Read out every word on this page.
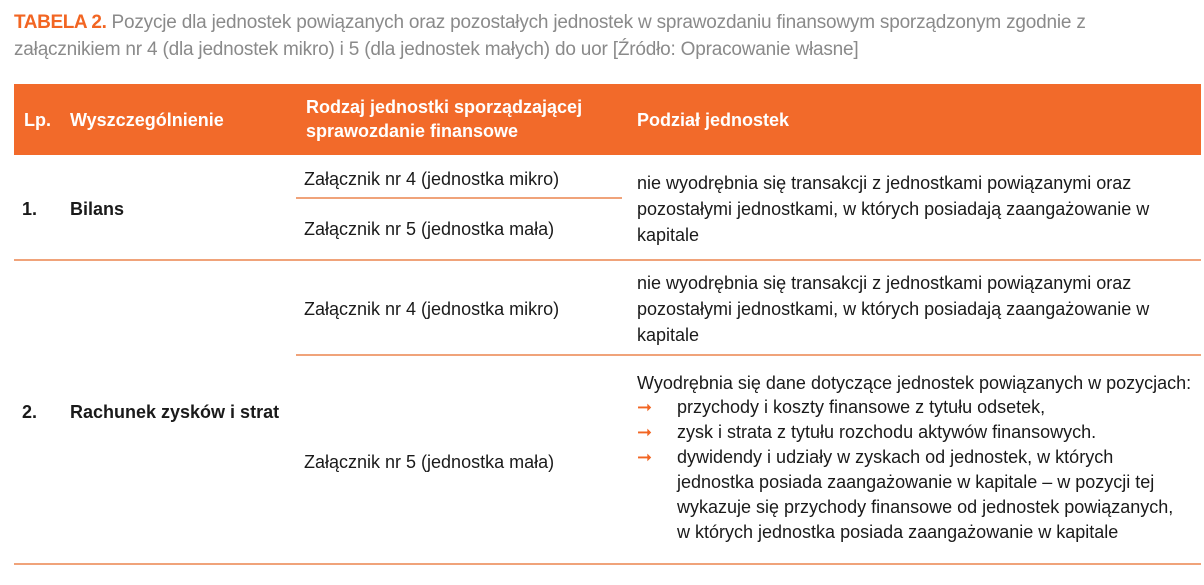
TABELA 2. Pozycje dla jednostek powiązanych oraz pozostałych jednostek w sprawozdaniu finansowym sporządzonym zgodnie z załącznikiem nr 4 (dla jednostek mikro) i 5 (dla jednostek małych) do uor [Źródło: Opracowanie własne]
Lp. Wyszczególnienie
Rodzaj jednostki sporządzającej
sprawozdanie finansowe
Podział jednostek
1. Bilans
Załącznik nr 4 (jednostka mikro)
Załącznik nr 5 (jednostka mała)
nie wyodrębnia się transakcji z jednostkami powiązanymi oraz pozostałymi jednostkami, w których posiadają zaangażowanie w kapitale
2. Rachunek zysków i strat
Załącznik nr 4 (jednostka mikro)
nie wyodrębnia się transakcji z jednostkami powiązanymi oraz pozostałymi jednostkami, w których posiadają zaangażowanie w kapitale
Załącznik nr 5 (jednostka mała)
Wyodrębnia się dane dotyczące jednostek powiązanych w pozycjach:
➞ przychody i koszty finansowe z tytułu odsetek,
➞ zysk i strata z tytułu rozchodu aktywów finansowych.
➞ dywidendy i udziały w zyskach od jednostek, w których jednostka posiada zaangażowanie w kapitale – w pozycji tej wykazuje się przychody finansowe od jednostek powiązanych, w których jednostka posiada zaangażowanie w kapitale
